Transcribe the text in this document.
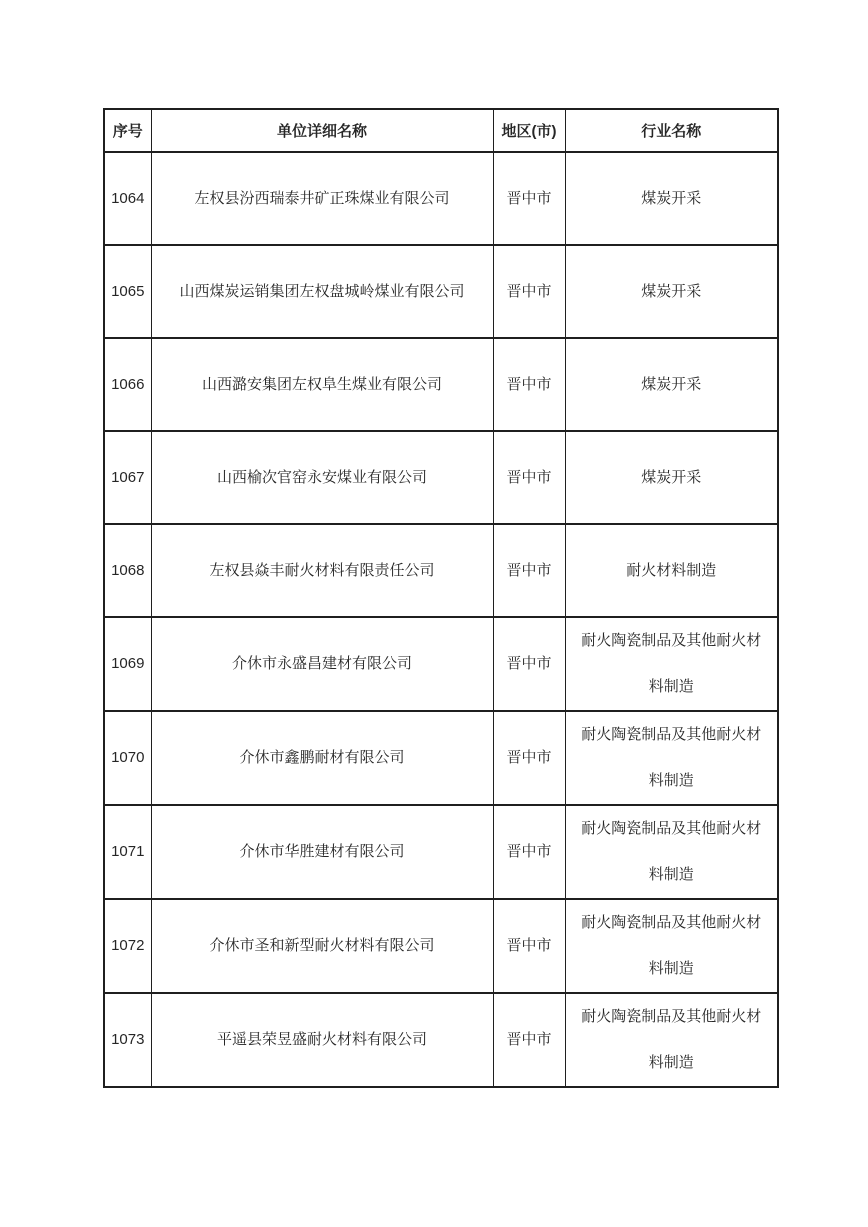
序号	单位详细名称	地区(市)	行业名称
1064	左权县汾西瑞泰井矿正珠煤业有限公司	晋中市	煤炭开采
1065	山西煤炭运销集团左权盘城岭煤业有限公司	晋中市	煤炭开采
1066	山西潞安集团左权阜生煤业有限公司	晋中市	煤炭开采
1067	山西榆次官窑永安煤业有限公司	晋中市	煤炭开采
1068	左权县焱丰耐火材料有限责任公司	晋中市	耐火材料制造
1069	介休市永盛昌建材有限公司	晋中市	耐火陶瓷制品及其他耐火材料制造
1070	介休市鑫鹏耐材有限公司	晋中市	耐火陶瓷制品及其他耐火材料制造
1071	介休市华胜建材有限公司	晋中市	耐火陶瓷制品及其他耐火材料制造
1072	介休市圣和新型耐火材料有限公司	晋中市	耐火陶瓷制品及其他耐火材料制造
1073	平遥县荣昱盛耐火材料有限公司	晋中市	耐火陶瓷制品及其他耐火材料制造
